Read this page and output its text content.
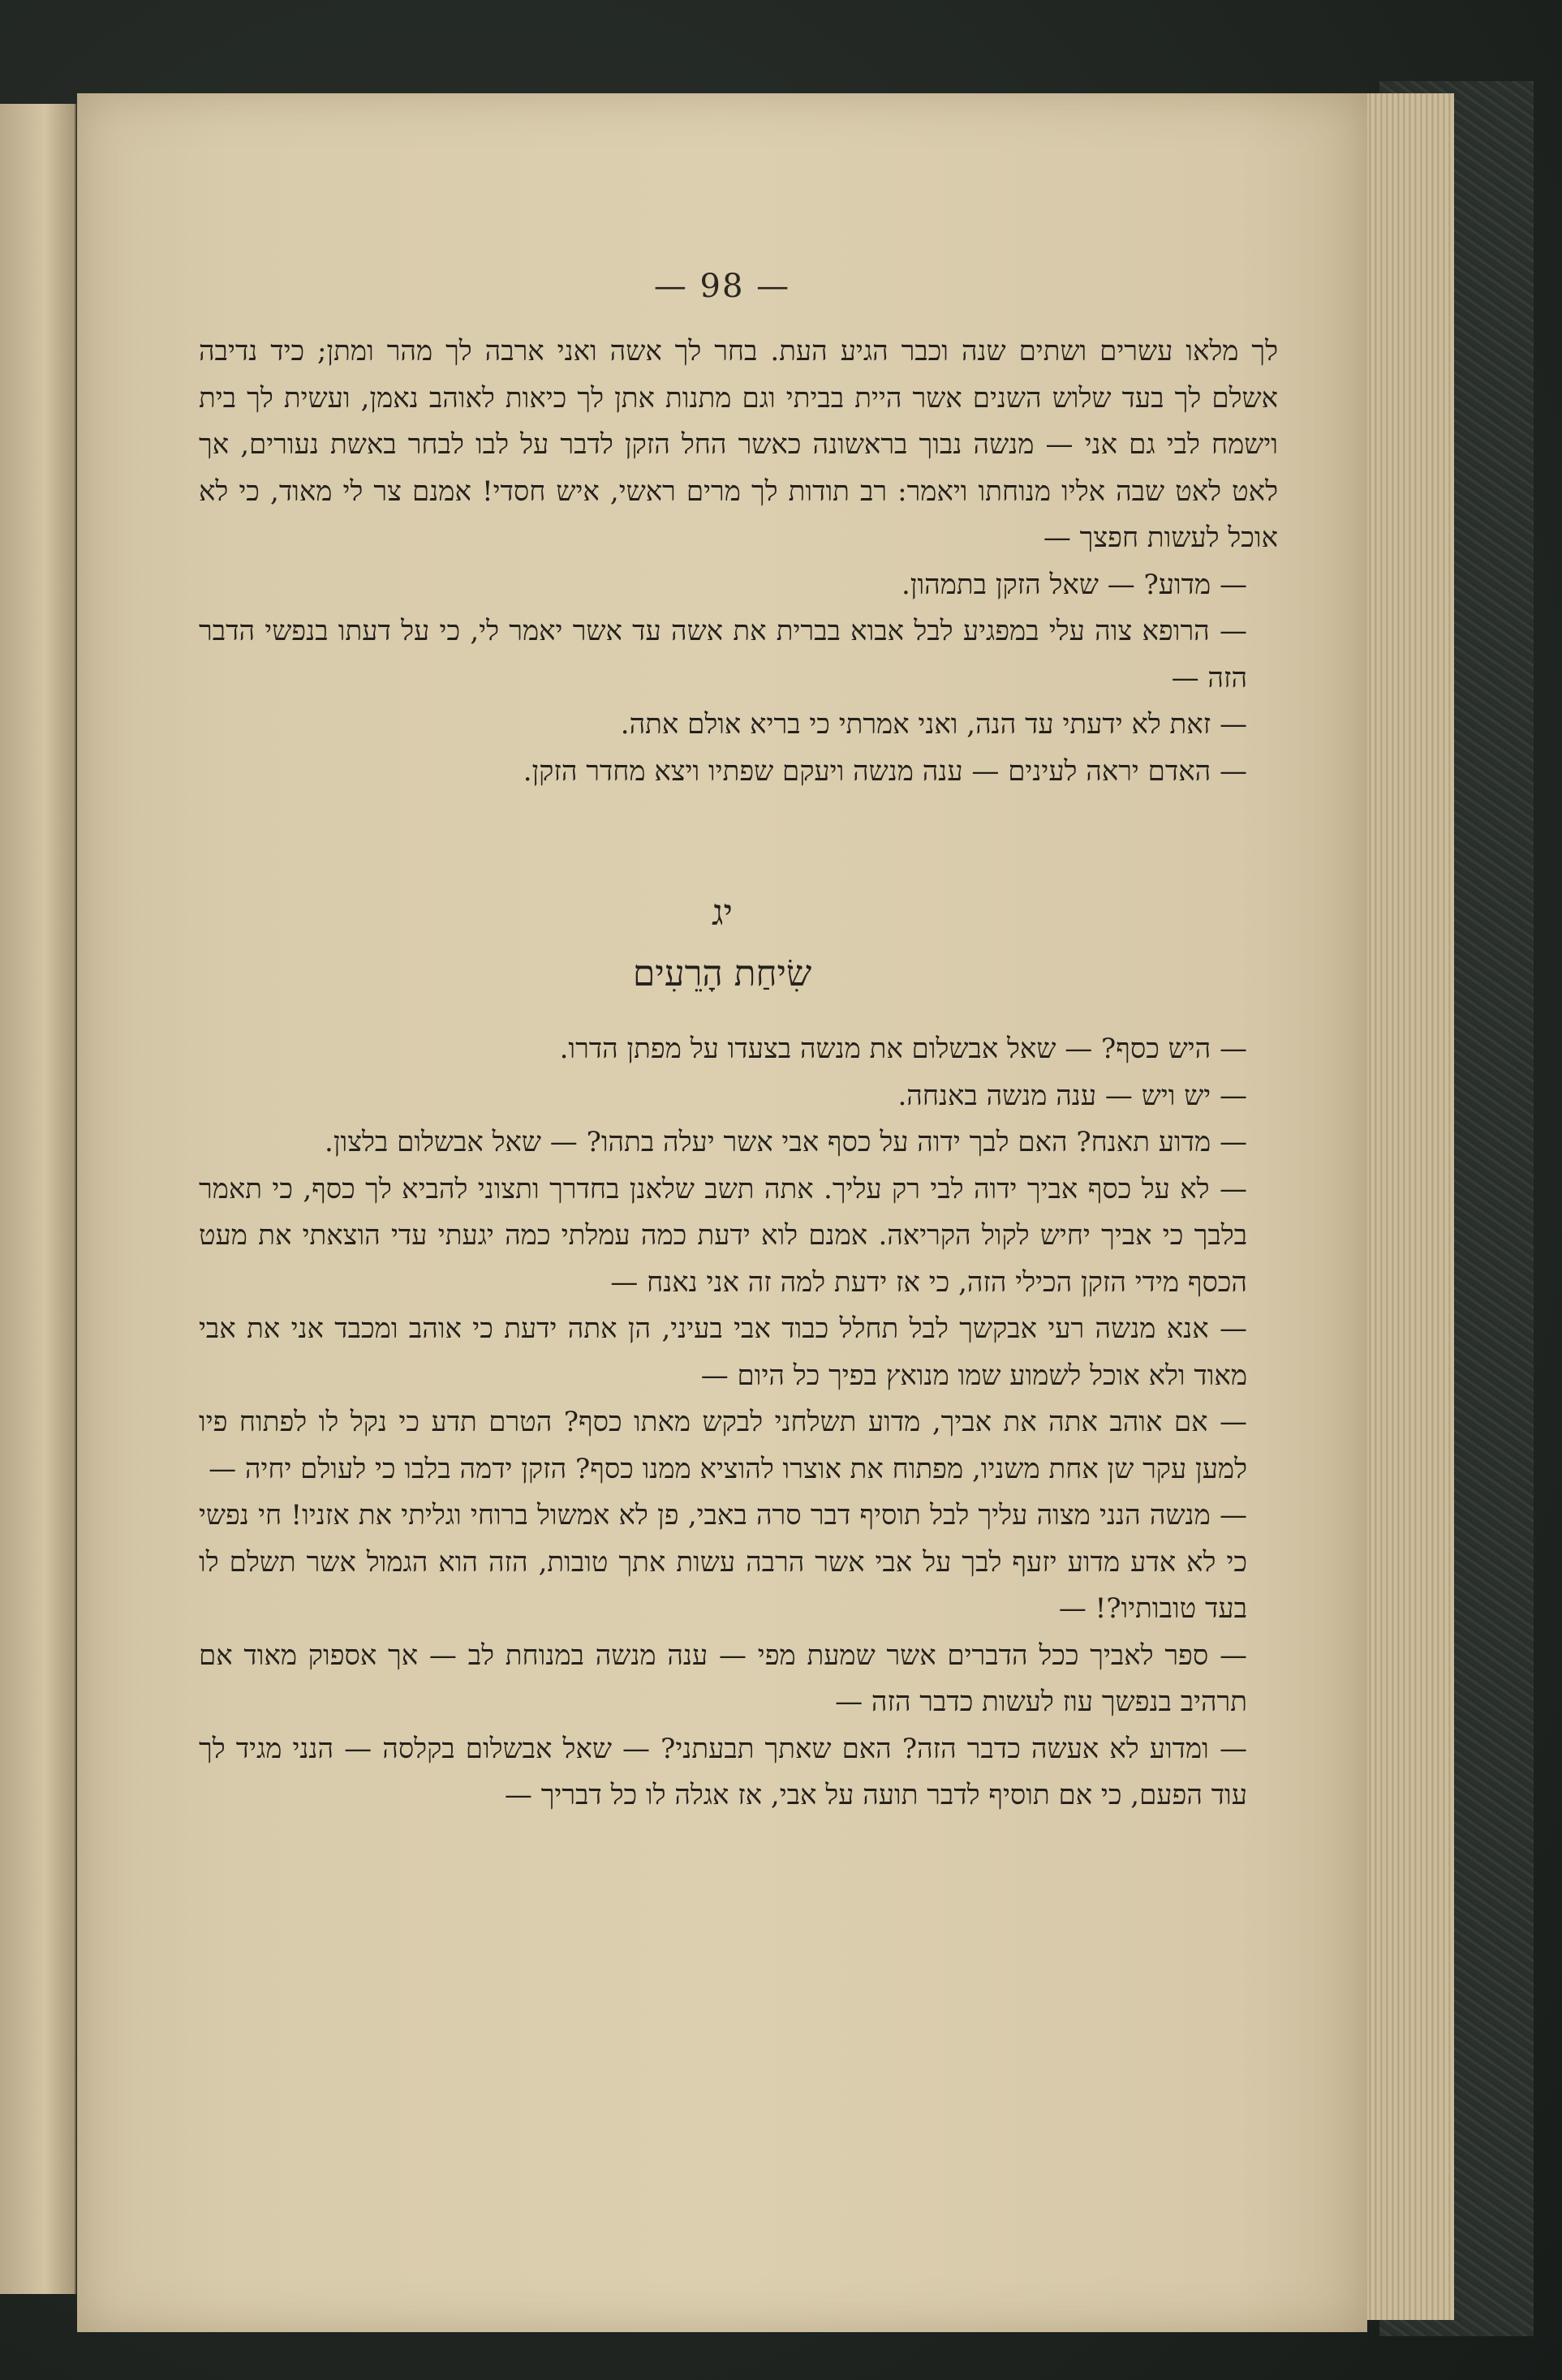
— 98 —

לך מלאו עשרים ושתים שנה וכבר הגיע העת. בחר לך אשה ואני ארבה לך מהר ומתן; כיד נדיבה אשלם לך בעד שלוש השנים אשר היית בביתי וגם מתנות אתן לך כיאות לאוהב נאמן, ועשית לך בית וישמח לבי גם אני — מנשה נבוך בראשונה כאשר החל הזקן לדבר על לבו לבחר באשת נעורים, אך לאט לאט שבה אליו מנוחתו ויאמר: רב תודות לך מרים ראשי, איש חסדי! אמנם צר לי מאוד, כי לא אוכל לעשות חפצך —

— מדוע? — שאל הזקן בתמהון.

— הרופא צוה עלי במפגיע לבל אבוא בברית את אשה עד אשר יאמר לי, כי על דעתו בנפשי הדבר הזה —

— זאת לא ידעתי עד הנה, ואני אמרתי כי בריא אולם אתה.

— האדם יראה לעינים — ענה מנשה ויעקם שפתיו ויצא מחדר הזקן.

יג
שִׂיחַת הָרֵעִים

— היש כסף? — שאל אבשלום את מנשה בצעדו על מפתן הדרו.

— יש ויש — ענה מנשה באנחה.

— מדוע תאנח? האם לבך ידוה על כסף אבי אשר יעלה בתהו? — שאל אבשלום בלצון.

— לא על כסף אביך ידוה לבי רק עליך. אתה תשב שלאנן בחדרך ותצוני להביא לך כסף, כי תאמר בלבך כי אביך יחיש לקול הקריאה. אמנם לוא ידעת כמה עמלתי כמה יגעתי עדי הוצאתי את מעט הכסף מידי הזקן הכילי הזה, כי אז ידעת למה זה אני נאנח —

— אנא מנשה רעי אבקשך לבל תחלל כבוד אבי בעיני, הן אתה ידעת כי אוהב ומכבד אני את אבי מאוד ולא אוכל לשמוע שמו מנואץ בפיך כל היום —

— אם אוהב אתה את אביך, מדוע תשלחני לבקש מאתו כסף? הטרם תדע כי נקל לו לפתוח פיו למען עקר שן אחת משניו, מפתוח את אוצרו להוציא ממנו כסף? הזקן ידמה בלבו כי לעולם יחיה —

— מנשה הנני מצוה עליך לבל תוסיף דבר סרה באבי, פן לא אמשול ברוחי וגליתי את אזניו! חי נפשי כי לא אדע מדוע יזעף לבך על אבי אשר הרבה עשות אתך טובות, הזה הוא הגמול אשר תשלם לו בעד טובותיו?! —

— ספר לאביך ככל הדברים אשר שמעת מפי — ענה מנשה במנוחת לב — אך אספוק מאוד אם תרהיב בנפשך עוז לעשות כדבר הזה —

— ומדוע לא אעשה כדבר הזה? האם שאתך תבעתני? — שאל אבשלום בקלסה — הנני מגיד לך עוד הפעם, כי אם תוסיף לדבר תועה על אבי, אז אגלה לו כל דבריך —
